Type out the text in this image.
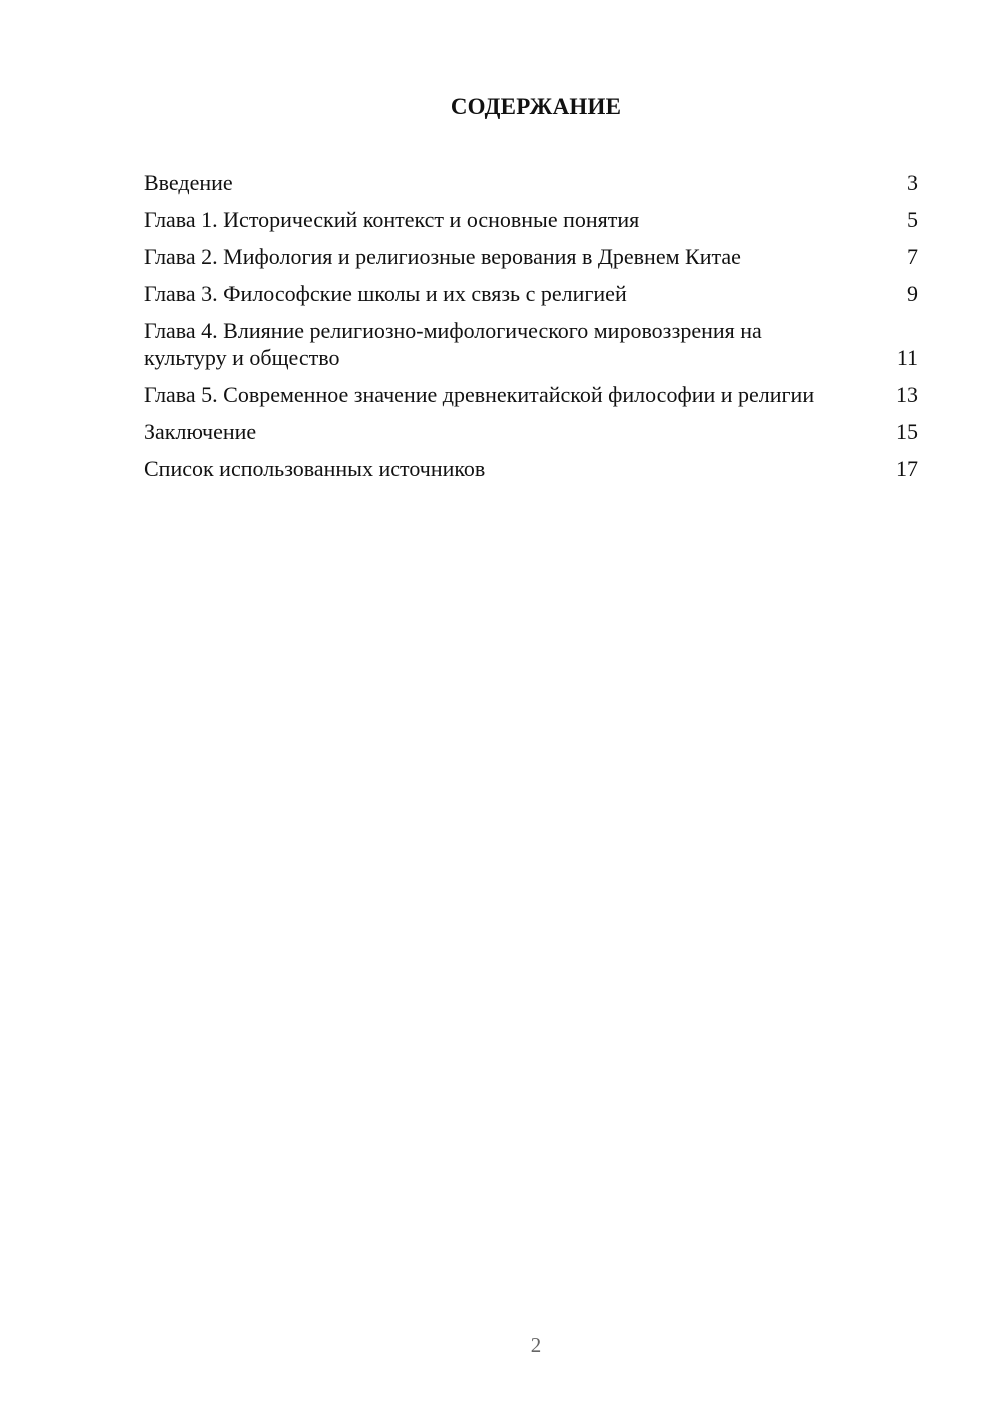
СОДЕРЖАНИЕ
Введение	3
Глава 1. Исторический контекст и основные понятия	5
Глава 2. Мифология и религиозные верования в Древнем Китае	7
Глава 3. Философские школы и их связь с религией	9
Глава 4. Влияние религиозно-мифологического мировоззрения на культуру и общество	11
Глава 5. Современное значение древнекитайской философии и религии	13
Заключение	15
Список использованных источников	17
2
